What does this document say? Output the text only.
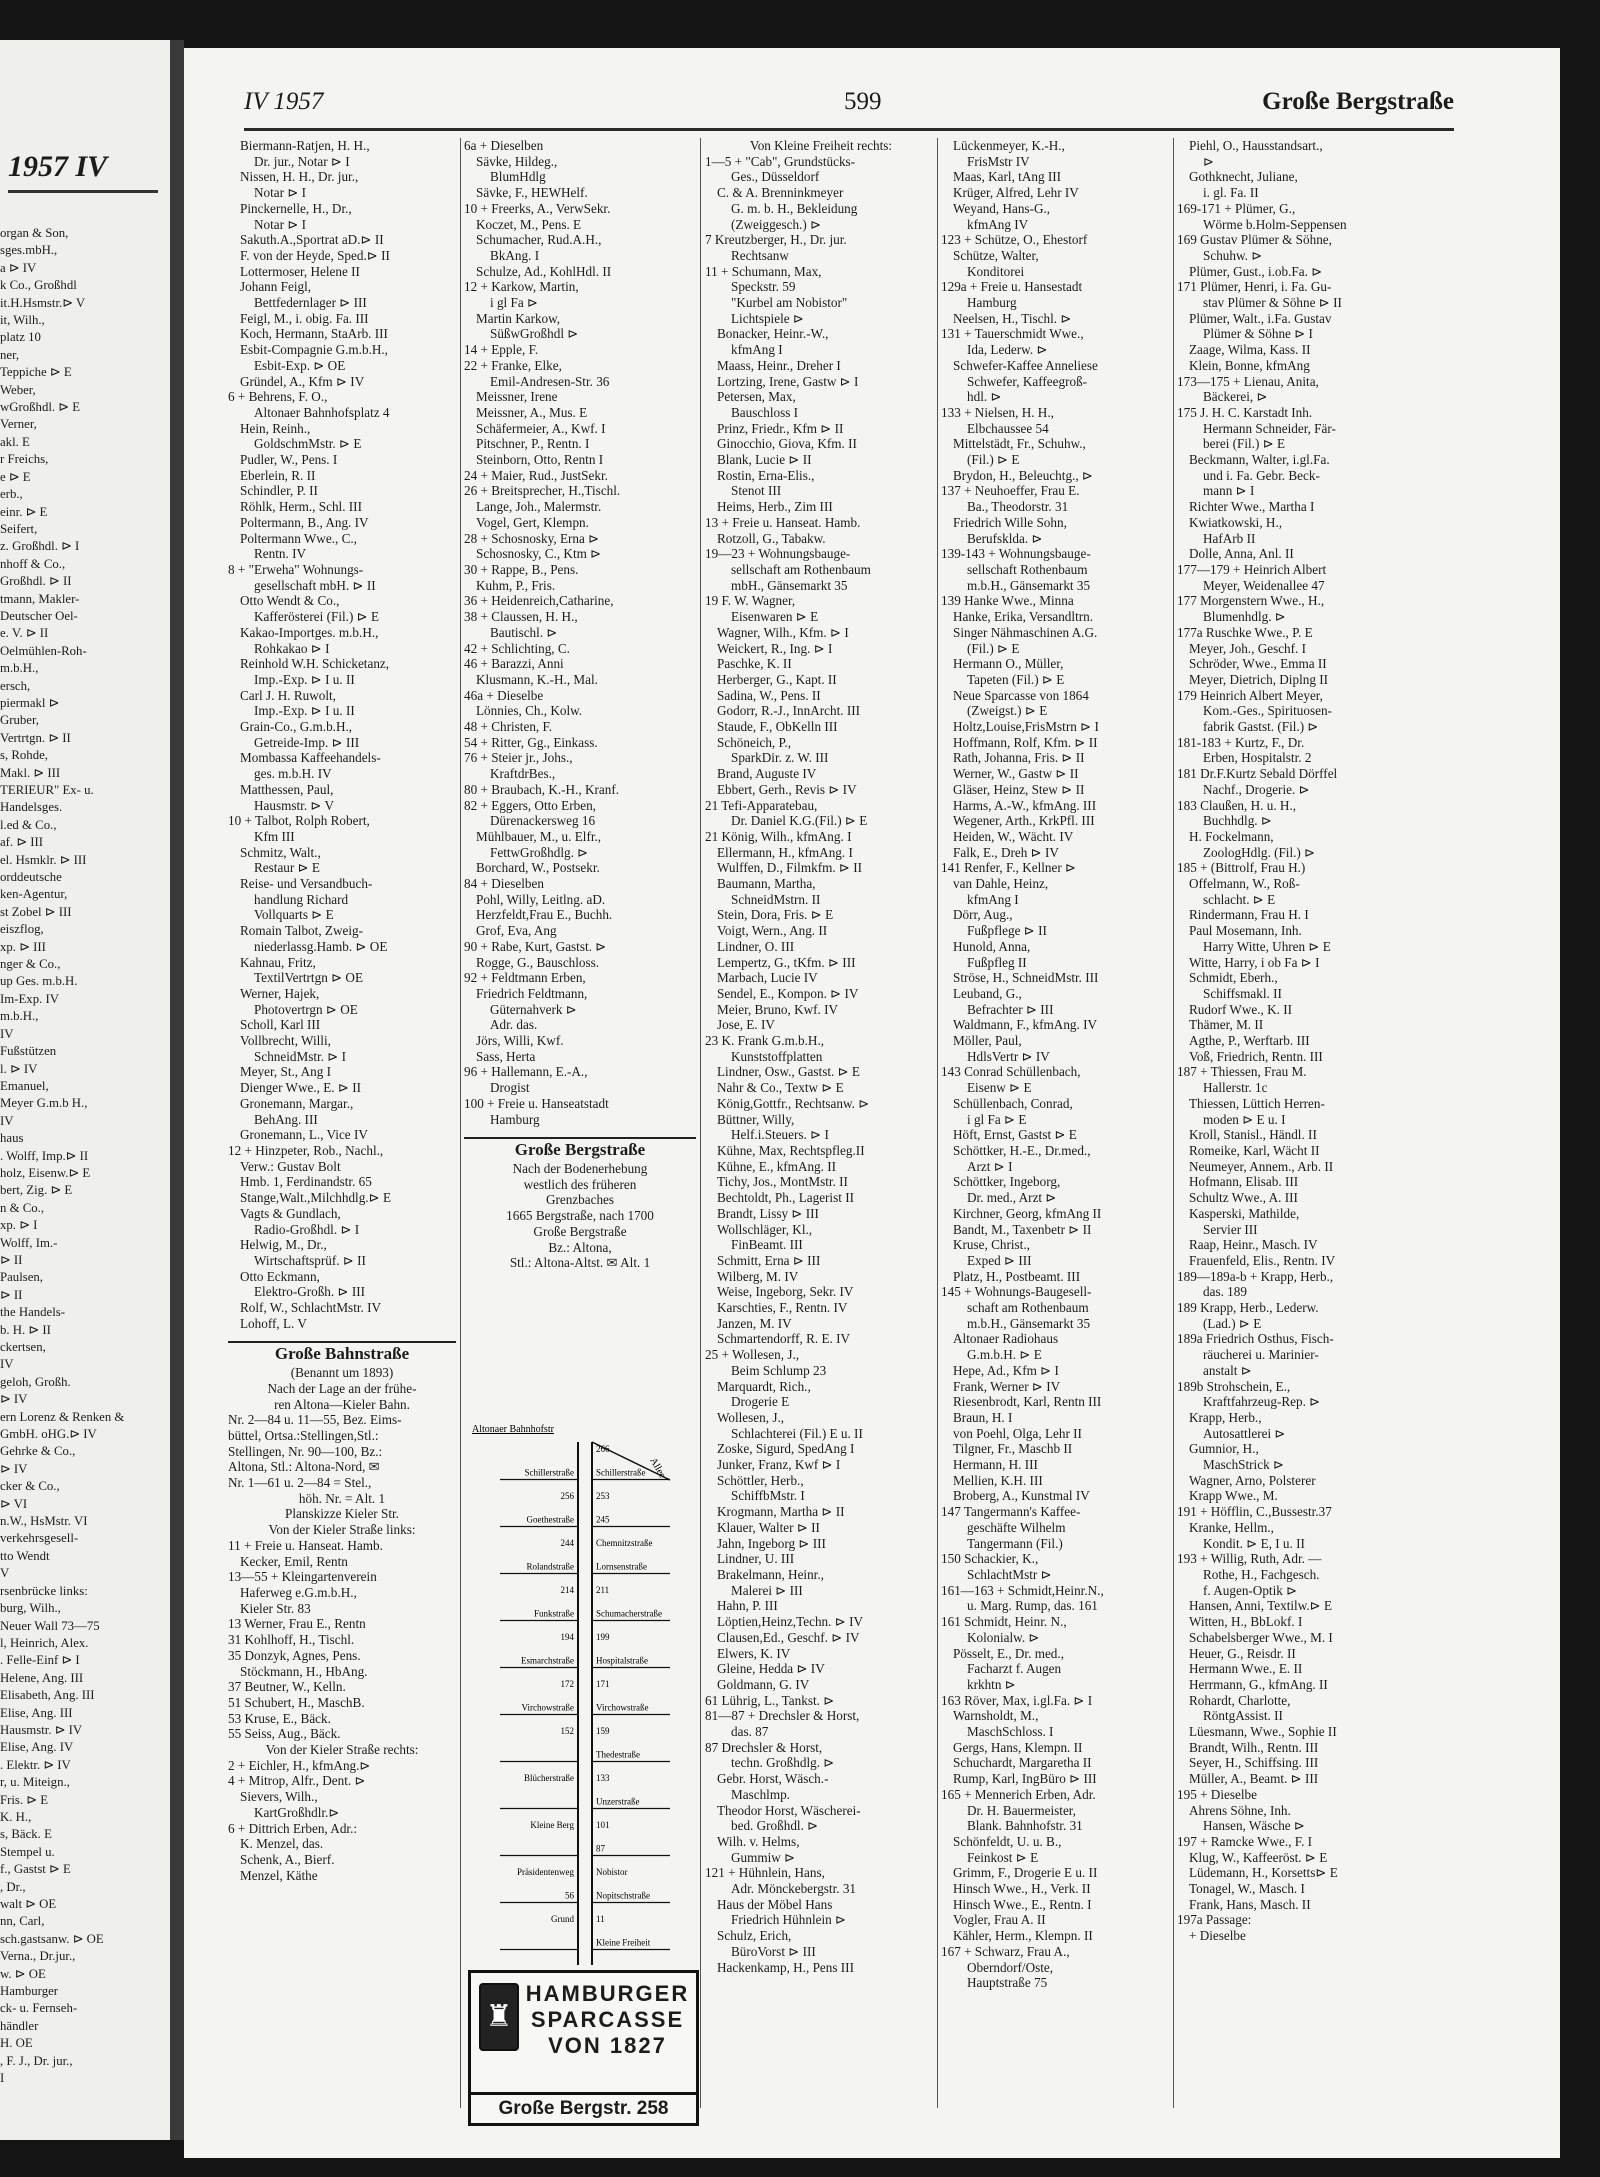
1957 IV
organ & Son,
sges.mbH.,
a ⊳ IV
k Co., Großhdl
it.H.Hsmstr.⊳ V
it, Wilh.,
platz 10
ner,
Teppiche ⊳ E
Weber,
wGroßhdl. ⊳ E
Verner,
akl. E
r Freichs,
e ⊳ E
erb.,
einr. ⊳ E
Seifert,
z. Großhdl. ⊳ I
nhoff & Co.,
Großhdl. ⊳ II
tmann, Makler-
Deutscher Oel-
e. V. ⊳ II
Oelmühlen-Roh-
m.b.H.,
ersch,
piermakl ⊳
Gruber,
Vertrtgn. ⊳ II
s, Rohde,
Makl. ⊳ III
TERIEUR" Ex- u.
Handelsges.
l.ed & Co.,
af. ⊳ III
el. Hsmklr. ⊳ III
orddeutsche
ken-Agentur,
st Zobel ⊳ III
eiszflog,
xp. ⊳ III
nger & Co.,
up Ges. m.b.H.
Im-Exp. IV
m.b.H.,
IV
Fußstützen
l. ⊳ IV
Emanuel,
Meyer G.m.b H.,
IV
haus
. Wolff, Imp.⊳ II
holz, Eisenw.⊳ E
bert, Zig. ⊳ E
n & Co.,
xp. ⊳ I
Wolff, Im.-
⊳ II
Paulsen,
⊳ II
the Handels-
b. H. ⊳ II
ckertsen,
IV
geloh, Großh.
⊳ IV
ern Lorenz & Renken &
GmbH. oHG.⊳ IV
Gehrke & Co.,
⊳ IV
cker & Co.,
⊳ VI
n.W., HsMstr. VI
verkehrsgesell-
tto Wendt
V
rsenbrücke links:
burg, Wilh.,
Neuer Wall 73—75
l, Heinrich, Alex.
. Felle-Einf ⊳ I
Helene, Ang. III
Elisabeth, Ang. III
Elise, Ang. III
Hausmstr. ⊳ IV
Elise, Ang. IV
. Elektr. ⊳ IV
r, u. Miteign.,
Fris. ⊳ E
K. H.,
s, Bäck. E
Stempel u.
f., Gastst ⊳ E
, Dr.,
walt ⊳ OE
nn, Carl,
sch.gastsanw. ⊳ OE
Verna., Dr.jur.,
w. ⊳ OE
Hamburger
ck- u. Fernseh-
händler
H. OE
, F. J., Dr. jur.,
I
IV 1957	599	Große Bergstraße
Biermann-Ratjen, H. H.,
Dr. jur., Notar ⊳ I
Nissen, H. H., Dr. jur.,
Notar ⊳ I
Pinckernelle, H., Dr.,
Notar ⊳ I
Sakuth.A.,Sportrat aD.⊳ II
F. von der Heyde, Sped.⊳ II
Lottermoser, Helene II
Johann Feigl,
Bettfedernlager ⊳ III
Feigl, M., i. obig. Fa. III
Koch, Hermann, StaArb. III
Esbit-Compagnie G.m.b.H.,
Esbit-Exp. ⊳ OE
Gründel, A., Kfm ⊳ IV
6 + Behrens, F. O.,
Altonaer Bahnhofsplatz 4
Hein, Reinh.,
GoldschmMstr. ⊳ E
Pudler, W., Pens. I
Eberlein, R. II
Schindler, P. II
Röhlk, Herm., Schl. III
Poltermann, B., Ang. IV
Poltermann Wwe., C.,
Rentn. IV
8 + "Erweha" Wohnungs-
gesellschaft mbH. ⊳ II
Otto Wendt & Co.,
Kafferösterei (Fil.) ⊳ E
Kakao-Importges. m.b.H.,
Rohkakao ⊳ I
Reinhold W.H. Schicketanz,
Imp.-Exp. ⊳ I u. II
Carl J. H. Ruwolt,
Imp.-Exp. ⊳ I u. II
Grain-Co., G.m.b.H.,
Getreide-Imp. ⊳ III
Mombassa Kaffeehandels-
ges. m.b.H. IV
Matthessen, Paul,
Hausmstr. ⊳ V
10 + Talbot, Rolph Robert,
Kfm III
Schmitz, Walt.,
Restaur ⊳ E
Reise- und Versandbuch-
handlung Richard
Vollquarts ⊳ E
Romain Talbot, Zweig-
niederlassg.Hamb. ⊳ OE
Kahnau, Fritz,
TextilVertrtgn ⊳ OE
Werner, Hajek,
Photovertrgn ⊳ OE
Scholl, Karl III
Vollbrecht, Willi,
SchneidMstr. ⊳ I
Meyer, St., Ang I
Dienger Wwe., E. ⊳ II
Gronemann, Margar.,
BehAng. III
Gronemann, L., Vice IV
12 + Hinzpeter, Rob., Nachl.,
Verw.: Gustav Bolt
Hmb. 1, Ferdinandstr. 65
Stange,Walt.,Milchhdlg.⊳ E
Vagts & Gundlach,
Radio-Großhdl. ⊳ I
Helwig, M., Dr.,
Wirtschaftsprüf. ⊳ II
Otto Eckmann,
Elektro-Großh. ⊳ III
Rolf, W., SchlachtMstr. IV
Lohoff, L. V
Große Bahnstraße
(Benannt um 1893)
Nach der Lage an der frühe-
ren Altona—Kieler Bahn.
Nr. 2—84 u. 11—55, Bez. Eims-
büttel, Ortsa.:Stellingen,Stl.:
Stellingen, Nr. 90—100, Bz.:
Altona, Stl.: Altona-Nord, ✉
Nr. 1—61 u. 2—84 = Stel.,
höh. Nr. = Alt. 1
Planskizze Kieler Str.
Von der Kieler Straße links:
11 + Freie u. Hanseat. Hamb.
Kecker, Emil, Rentn
13—55 + Kleingartenverein
Haferweg e.G.m.b.H.,
Kieler Str. 83
13 Werner, Frau E., Rentn
31 Kohlhoff, H., Tischl.
35 Donzyk, Agnes, Pens.
Stöckmann, H., HbAng.
37 Beutner, W., Kelln.
51 Schubert, H., MaschB.
53 Kruse, E., Bäck.
55 Seiss, Aug., Bäck.
Von der Kieler Straße rechts:
2 + Eichler, H., kfmAng.⊳
4 + Mitrop, Alfr., Dent. ⊳
Sievers, Wilh.,
KartGroßhdlr.⊳
6 + Dittrich Erben, Adr.:
K. Menzel, das.
Schenk, A., Bierf.
Menzel, Käthe
6a + Dieselben
Sävke, Hildeg.,
BlumHdlg
Sävke, F., HEWHelf.
10 + Freerks, A., VerwSekr.
Koczet, M., Pens. E
Schumacher, Rud.A.H.,
BkAng. I
Schulze, Ad., KohlHdl. II
12 + Karkow, Martin,
i gl Fa ⊳
Martin Karkow,
SüßwGroßhdl ⊳
14 + Epple, F.
22 + Franke, Elke,
Emil-Andresen-Str. 36
Meissner, Irene
Meissner, A., Mus. E
Schäfermeier, A., Kwf. I
Pitschner, P., Rentn. I
Steinborn, Otto, Rentn I
24 + Maier, Rud., JustSekr.
26 + Breitsprecher, H.,Tischl.
Lange, Joh., Malermstr.
Vogel, Gert, Klempn.
28 + Schosnosky, Erna ⊳
Schosnosky, C., Ktm ⊳
30 + Rappe, B., Pens.
Kuhm, P., Fris.
36 + Heidenreich,Catharine,
38 + Claussen, H. H.,
Bautischl. ⊳
42 + Schlichting, C.
46 + Barazzi, Anni
Klusmann, K.-H., Mal.
46a + Dieselbe
Lönnies, Ch., Kolw.
48 + Christen, F.
54 + Ritter, Gg., Einkass.
76 + Steier jr., Johs.,
KraftdrBes.,
80 + Braubach, K.-H., Kranf.
82 + Eggers, Otto Erben,
Dürenackersweg 16
Mühlbauer, M., u. Elfr.,
FettwGroßhdlg. ⊳
Borchard, W., Postsekr.
84 + Dieselben
Pohl, Willy, Leitlng. aD.
Herzfeldt,Frau E., Buchh.
Grof, Eva, Ang
90 + Rabe, Kurt, Gastst. ⊳
Rogge, G., Bauschloss.
92 + Feldtmann Erben,
Friedrich Feldtmann,
Güternahverk ⊳
Adr. das.
Jörs, Willi, Kwf.
Sass, Herta
96 + Hallemann, E.-A.,
Drogist
100 + Freie u. Hanseatstadt
Hamburg
Große Bergstraße
Nach der Bodenerhebung
westlich des früheren
Grenzbaches
1665 Bergstraße, nach 1700
Große Bergstraße
Bz.: Altona,
Stl.: Altona-Altst. ✉ Alt. 1
Von Kleine Freiheit rechts:
1—5 + "Cab", Grundstücks-
Ges., Düsseldorf
C. & A. Brenninkmeyer
G. m. b. H., Bekleidung
(Zweiggesch.) ⊳
7 Kreutzberger, H., Dr. jur.
Rechtsanw
11 + Schumann, Max,
Speckstr. 59
"Kurbel am Nobistor"
Lichtspiele ⊳
Bonacker, Heinr.-W.,
kfmAng I
Maass, Heinr., Dreher I
Lortzing, Irene, Gastw ⊳ I
Petersen, Max,
Bauschloss I
Prinz, Friedr., Kfm ⊳ II
Ginocchio, Giova, Kfm. II
Blank, Lucie ⊳ II
Rostin, Erna-Elis.,
Stenot III
Heims, Herb., Zim III
13 + Freie u. Hanseat. Hamb.
Rotzoll, G., Tabakw.
19—23 + Wohnungsbauge-
sellschaft am Rothenbaum
mbH., Gänsemarkt 35
19 F. W. Wagner,
Eisenwaren ⊳ E
Wagner, Wilh., Kfm. ⊳ I
Weickert, R., Ing. ⊳ I
Paschke, K. II
Herberger, G., Kapt. II
Sadina, W., Pens. II
Godorr, R.-J., InnArcht. III
Staude, F., ObKelln III
Schöneich, P.,
SparkDir. z. W. III
Brand, Auguste IV
Ebbert, Gerh., Revis ⊳ IV
21 Tefi-Apparatebau,
Dr. Daniel K.G.(Fil.) ⊳ E
21 König, Wilh., kfmAng. I
Ellermann, H., kfmAng. I
Wulffen, D., Filmkfm. ⊳ II
Baumann, Martha,
SchneidMstrn. II
Stein, Dora, Fris. ⊳ E
Voigt, Wern., Ang. II
Lindner, O. III
Lempertz, G., tKfm. ⊳ III
Marbach, Lucie IV
Sendel, E., Kompon. ⊳ IV
Meier, Bruno, Kwf. IV
Jose, E. IV
23 K. Frank G.m.b.H.,
Kunststoffplatten
Lindner, Osw., Gastst. ⊳ E
Nahr & Co., Textw ⊳ E
König,Gottfr., Rechtsanw. ⊳
Büttner, Willy,
Helf.i.Steuers. ⊳ I
Kühne, Max, Rechtspfleg.II
Kühne, E., kfmAng. II
Tichy, Jos., MontMstr. II
Bechtoldt, Ph., Lagerist II
Brandt, Lissy ⊳ III
Wollschläger, Kl.,
FinBeamt. III
Schmitt, Erna ⊳ III
Wilberg, M. IV
Weise, Ingeborg, Sekr. IV
Karschties, F., Rentn. IV
Janzen, M. IV
Schmartendorff, R. E. IV
25 + Wollesen, J.,
Beim Schlump 23
Marquardt, Rich.,
Drogerie E
Wollesen, J.,
Schlachterei (Fil.) E u. II
Zoske, Sigurd, SpedAng I
Junker, Franz, Kwf ⊳ I
Schöttler, Herb.,
SchiffbMstr. I
Krogmann, Martha ⊳ II
Klauer, Walter ⊳ II
Jahn, Ingeborg ⊳ III
Lindner, U. III
Brakelmann, Heinr.,
Malerei ⊳ III
Hahn, P. III
Löptien,Heinz,Techn. ⊳ IV
Clausen,Ed., Geschf. ⊳ IV
Elwers, K. IV
Gleine, Hedda ⊳ IV
Goldmann, G. IV
61 Lührig, L., Tankst. ⊳
81—87 + Drechsler & Horst,
das. 87
87 Drechsler & Horst,
techn. Großhdlg. ⊳
Gebr. Horst, Wäsch.-
Maschlmp.
Theodor Horst, Wäscherei-
bed. Großhdl. ⊳
Wilh. v. Helms,
Gummiw ⊳
121 + Hühnlein, Hans,
Adr. Mönckebergstr. 31
Haus der Möbel Hans
Friedrich Hühnlein ⊳
Schulz, Erich,
BüroVorst ⊳ III
Hackenkamp, H., Pens III
Lückenmeyer, K.-H.,
FrisMstr IV
Maas, Karl, tAng III
Krüger, Alfred, Lehr IV
Weyand, Hans-G.,
kfmAng IV
123 + Schütze, O., Ehestorf
Schütze, Walter,
Konditorei
129a + Freie u. Hansestadt
Hamburg
Neelsen, H., Tischl. ⊳
131 + Tauerschmidt Wwe.,
Ida, Lederw. ⊳
Schwefer-Kaffee Anneliese
Schwefer, Kaffeegroß-
hdl. ⊳
133 + Nielsen, H. H.,
Elbchaussee 54
Mittelstädt, Fr., Schuhw.,
(Fil.) ⊳ E
Brydon, H., Beleuchtg., ⊳
137 + Neuhoeffer, Frau E.
Ba., Theodorstr. 31
Friedrich Wille Sohn,
Berufsklda. ⊳
139-143 + Wohnungsbauge-
sellschaft Rothenbaum
m.b.H., Gänsemarkt 35
139 Hanke Wwe., Minna
Hanke, Erika, Versandltrn.
Singer Nähmaschinen A.G.
(Fil.) ⊳ E
Hermann O., Müller,
Tapeten (Fil.) ⊳ E
Neue Sparcasse von 1864
(Zweigst.) ⊳ E
Holtz,Louise,FrisMstrn ⊳ I
Hoffmann, Rolf, Kfm. ⊳ II
Rath, Johanna, Fris. ⊳ II
Werner, W., Gastw ⊳ II
Gläser, Heinz, Stew ⊳ II
Harms, A.-W., kfmAng. III
Wegener, Arth., KrkPfl. III
Heiden, W., Wächt. IV
Falk, E., Dreh ⊳ IV
141 Renfer, F., Kellner ⊳
van Dahle, Heinz,
kfmAng I
Dörr, Aug.,
Fußpflege ⊳ II
Hunold, Anna,
Fußpfleg II
Ströse, H., SchneidMstr. III
Leuband, G.,
Befrachter ⊳ III
Waldmann, F., kfmAng. IV
Möller, Paul,
HdlsVertr ⊳ IV
143 Conrad Schüllenbach,
Eisenw ⊳ E
Schüllenbach, Conrad,
i gl Fa ⊳ E
Höft, Ernst, Gastst ⊳ E
Schöttker, H.-E., Dr.med.,
Arzt ⊳ I
Schöttker, Ingeborg,
Dr. med., Arzt ⊳
Kirchner, Georg, kfmAng II
Bandt, M., Taxenbetr ⊳ II
Kruse, Christ.,
Exped ⊳ III
Platz, H., Postbeamt. III
145 + Wohnungs-Baugesell-
schaft am Rothenbaum
m.b.H., Gänsemarkt 35
Altonaer Radiohaus
G.m.b.H. ⊳ E
Hepe, Ad., Kfm ⊳ I
Frank, Werner ⊳ IV
Riesenbrodt, Karl, Rentn III
Braun, H. I
von Poehl, Olga, Lehr II
Tilgner, Fr., Maschb II
Hermann, H. III
Mellien, K.H. III
Broberg, A., Kunstmal IV
147 Tangermann's Kaffee-
geschäfte Wilhelm
Tangermann (Fil.)
150 Schackier, K.,
SchlachtMstr ⊳
161—163 + Schmidt,Heinr.N.,
u. Marg. Rump, das. 161
161 Schmidt, Heinr. N.,
Kolonialw. ⊳
Pösselt, E., Dr. med.,
Facharzt f. Augen
krkhtn ⊳
163 Röver, Max, i.gl.Fa. ⊳ I
Warnsholdt, M.,
MaschSchloss. I
Gergs, Hans, Klempn. II
Schuchardt, Margaretha II
Rump, Karl, IngBüro ⊳ III
165 + Mennerich Erben, Adr.
Dr. H. Bauermeister,
Blank. Bahnhofstr. 31
Schönfeldt, U. u. B.,
Feinkost ⊳ E
Grimm, F., Drogerie E u. II
Hinsch Wwe., H., Verk. II
Hinsch Wwe., E., Rentn. I
Vogler, Frau A. II
Kähler, Herm., Klempn. II
167 + Schwarz, Frau A.,
Oberndorf/Oste,
Hauptstraße 75
Piehl, O., Hausstandsart.,
⊳
Gothknecht, Juliane,
i. gl. Fa. II
169-171 + Plümer, G.,
Wörme b.Holm-Seppensen
169 Gustav Plümer & Söhne,
Schuhw. ⊳
Plümer, Gust., i.ob.Fa. ⊳
171 Plümer, Henri, i. Fa. Gu-
stav Plümer & Söhne ⊳ II
Plümer, Walt., i.Fa. Gustav
Plümer & Söhne ⊳ I
Zaage, Wilma, Kass. II
Klein, Bonne, kfmAng
173—175 + Lienau, Anita,
Bäckerei, ⊳
175 J. H. C. Karstadt Inh.
Hermann Schneider, Fär-
berei (Fil.) ⊳ E
Beckmann, Walter, i.gl.Fa.
und i. Fa. Gebr. Beck-
mann ⊳ I
Richter Wwe., Martha I
Kwiatkowski, H.,
HafArb II
Dolle, Anna, Anl. II
177—179 + Heinrich Albert
Meyer, Weidenallee 47
177 Morgenstern Wwe., H.,
Blumenhdlg. ⊳
177a Ruschke Wwe., P. E
Meyer, Joh., Geschf. I
Schröder, Wwe., Emma II
Meyer, Dietrich, Diplng II
179 Heinrich Albert Meyer,
Kom.-Ges., Spirituosen-
fabrik Gastst. (Fil.) ⊳
181-183 + Kurtz, F., Dr.
Erben, Hospitalstr. 2
181 Dr.F.Kurtz Sebald Dörffel
Nachf., Drogerie. ⊳
183 Claußen, H. u. H.,
Buchhdlg. ⊳
H. Fockelmann,
ZoologHdlg. (Fil.) ⊳
185 + (Bittrolf, Frau H.)
Offelmann, W., Roß-
schlacht. ⊳ E
Rindermann, Frau H. I
Paul Mosemann, Inh.
Harry Witte, Uhren ⊳ E
Witte, Harry, i ob Fa ⊳ I
Schmidt, Eberh.,
Schiffsmakl. II
Rudorf Wwe., K. II
Thämer, M. II
Agthe, P., Werftarb. III
Voß, Friedrich, Rentn. III
187 + Thiessen, Frau M.
Hallerstr. 1c
Thiessen, Lüttich Herren-
moden ⊳ E u. I
Kroll, Stanisl., Händl. II
Romeike, Karl, Wächt II
Neumeyer, Annem., Arb. II
Hofmann, Elisab. III
Schultz Wwe., A. III
Kasperski, Mathilde,
Servier III
Raap, Heinr., Masch. IV
Frauenfeld, Elis., Rentn. IV
189—189a-b + Krapp, Herb.,
das. 189
189 Krapp, Herb., Lederw.
(Lad.) ⊳ E
189a Friedrich Osthus, Fisch-
räucherei u. Marinier-
anstalt ⊳
189b Strohschein, E.,
Kraftfahrzeug-Rep. ⊳
Krapp, Herb.,
Autosattlerei ⊳
Gumnior, H.,
MaschStrick ⊳
Wagner, Arno, Polsterer
Krapp Wwe., M.
191 + Höfflin, C.,Bussestr.37
Kranke, Hellm.,
Kondit. ⊳ E, I u. II
193 + Willig, Ruth, Adr. —
Rothe, H., Fachgesch.
f. Augen-Optik ⊳
Hansen, Anni, Textilw.⊳ E
Witten, H., BbLokf. I
Schabelsberger Wwe., M. I
Heuer, G., Reisdr. II
Hermann Wwe., E. II
Herrmann, G., kfmAng. II
Rohardt, Charlotte,
RöntgAssist. II
Lüesmann, Wwe., Sophie II
Brandt, Wilh., Rentn. III
Seyer, H., Schiffsing. III
Müller, A., Beamt. ⊳ III
195 + Dieselbe
Ahrens Söhne, Inh.
Hansen, Wäsche ⊳
197 + Ramcke Wwe., F. I
Klug, W., Kaffeeröst. ⊳ E
Lüdemann, H., Korsetts⊳ E
Tonagel, W., Masch. I
Frank, Hans, Masch. II
197a Passage:
+ Dieselbe
Altonaer Bahnhofstr
Allee
266
Schillerstraße Schillerstraße
256 253
Goethestraße 245
244 Chemnitzstraße
Rolandstraße Lornsenstraße
214 211
Funkstraße Schumacherstraße
194 199
Esmarchstraße Hospitalstraße
172 171
Virchowstraße Virchowstraße
152 159
Thedestraße
Blücherstraße 133
Unzerstraße
Kleine Berg 101
87
Präsidentenweg Nobistor
56 Nopitschstraße
Grund 11
Kleine Freiheit
♜
HAMBURGER
SPARCASSE
VON 1827
Große Bergstr. 258
